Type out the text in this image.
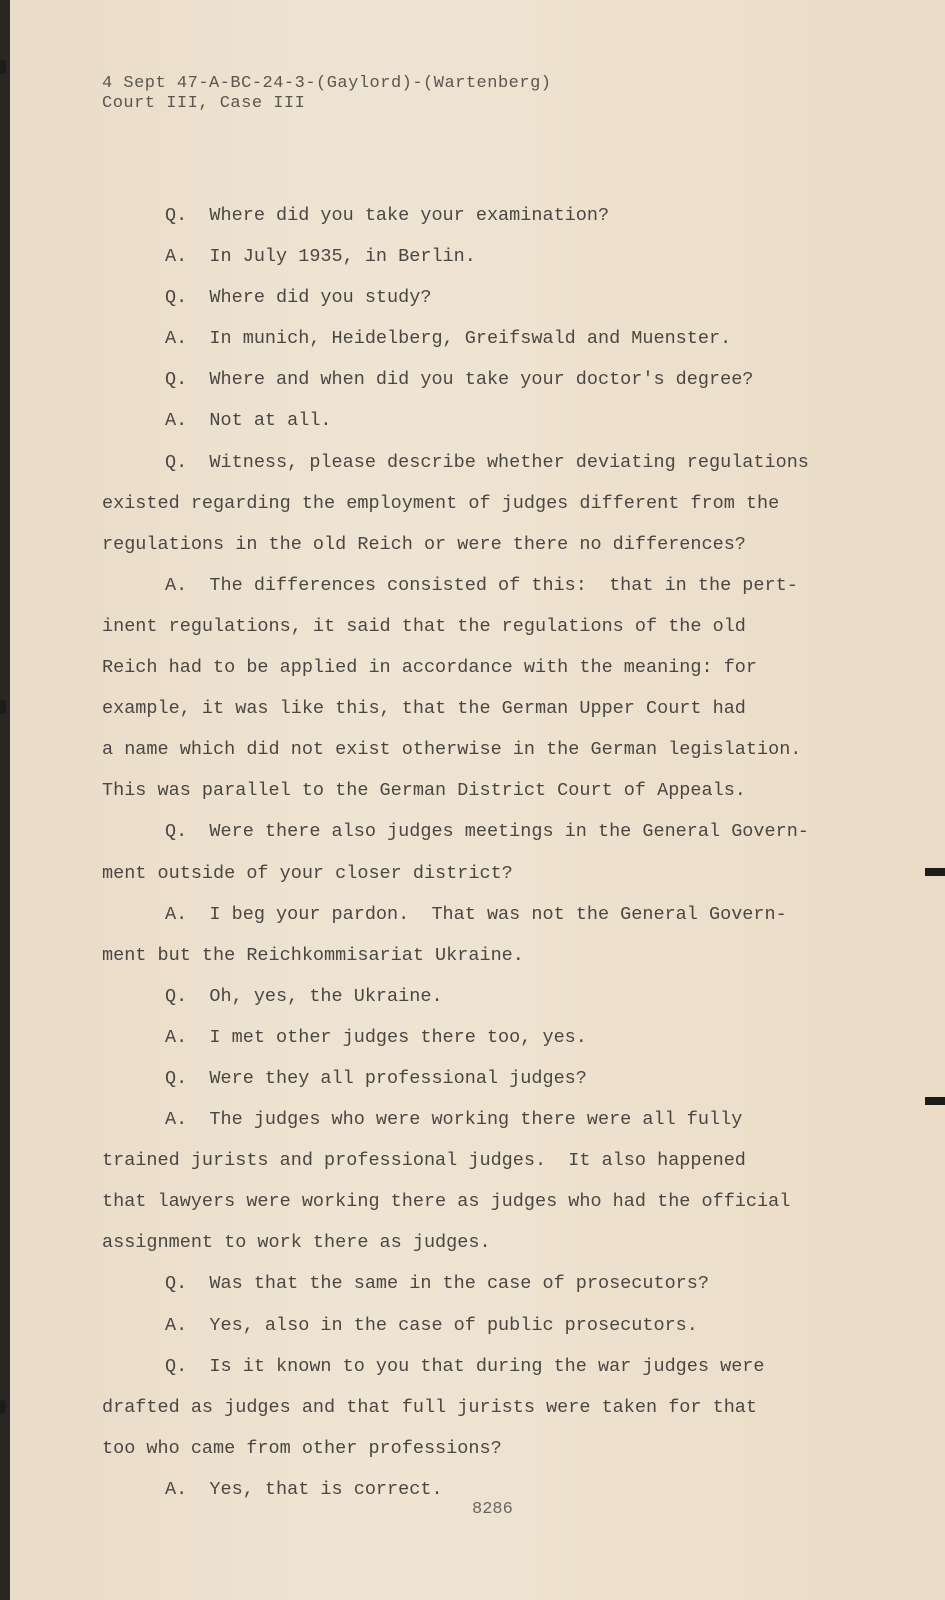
4 Sept 47-A-BC-24-3-(Gaylord)-(Wartenberg)
Court III, Case III
Q.  Where did you take your examination?
A.  In July 1935, in Berlin.
Q.  Where did you study?
A.  In munich, Heidelberg, Greifswald and Muenster.
Q.  Where and when did you take your doctor's degree?
A.  Not at all.
Q.  Witness, please describe whether deviating regulations
existed regarding the employment of judges different from the
regulations in the old Reich or were there no differences?
A.  The differences consisted of this:  that in the pert-
inent regulations, it said that the regulations of the old
Reich had to be applied in accordance with the meaning: for
example, it was like this, that the German Upper Court had
a name which did not exist otherwise in the German legislation.
This was parallel to the German District Court of Appeals.
Q.  Were there also judges meetings in the General Govern-
ment outside of your closer district?
A.  I beg your pardon.  That was not the General Govern-
ment but the Reichkommisariat Ukraine.
Q.  Oh, yes, the Ukraine.
A.  I met other judges there too, yes.
Q.  Were they all professional judges?
A.  The judges who were working there were all fully
trained jurists and professional judges.  It also happened
that lawyers were working there as judges who had the official
assignment to work there as judges.
Q.  Was that the same in the case of prosecutors?
A.  Yes, also in the case of public prosecutors.
Q.  Is it known to you that during the war judges were
drafted as judges and that full jurists were taken for that
too who came from other professions?
A.  Yes, that is correct.
8286
